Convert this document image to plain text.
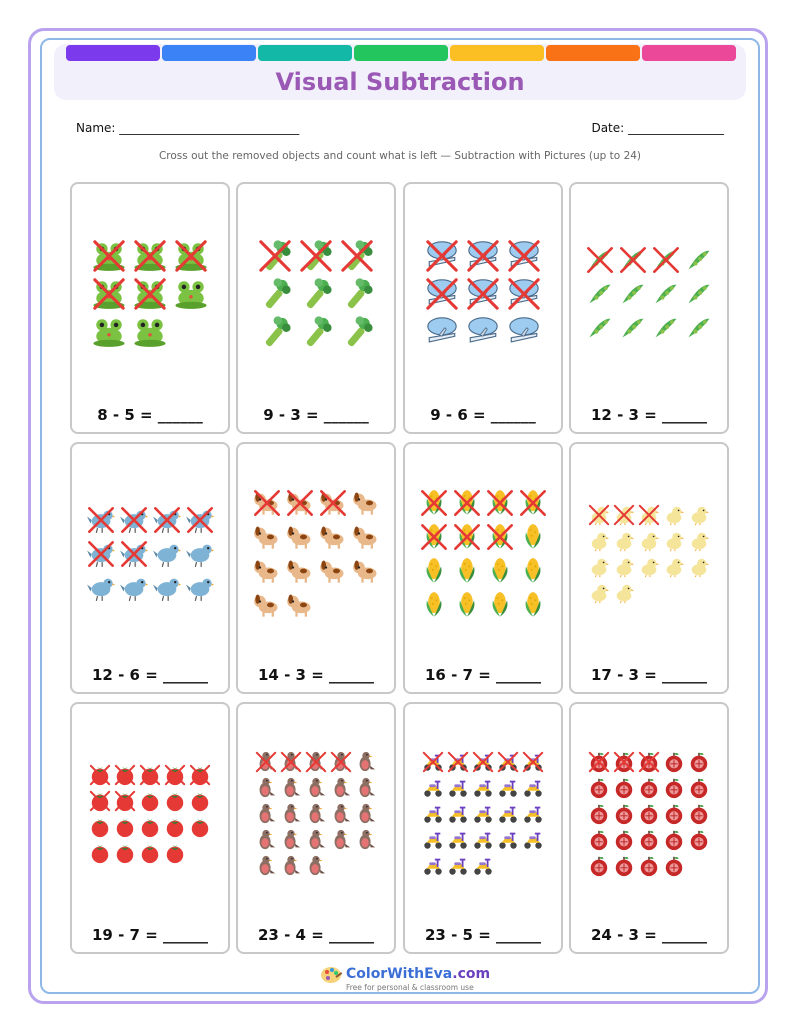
Visual Subtraction
Name: ______________________________	Date: ________________
Cross out the removed objects and count what is left — Subtraction with Pictures (up to 24)
8 - 5 = ______	9 - 3 = ______	9 - 6 = ______	12 - 3 = ______
12 - 6 = ______	14 - 3 = ______	16 - 7 = ______	17 - 3 = ______
19 - 7 = ______	23 - 4 = ______	23 - 5 = ______	24 - 3 = ______
ColorWithEva.com
Free for personal & classroom use
